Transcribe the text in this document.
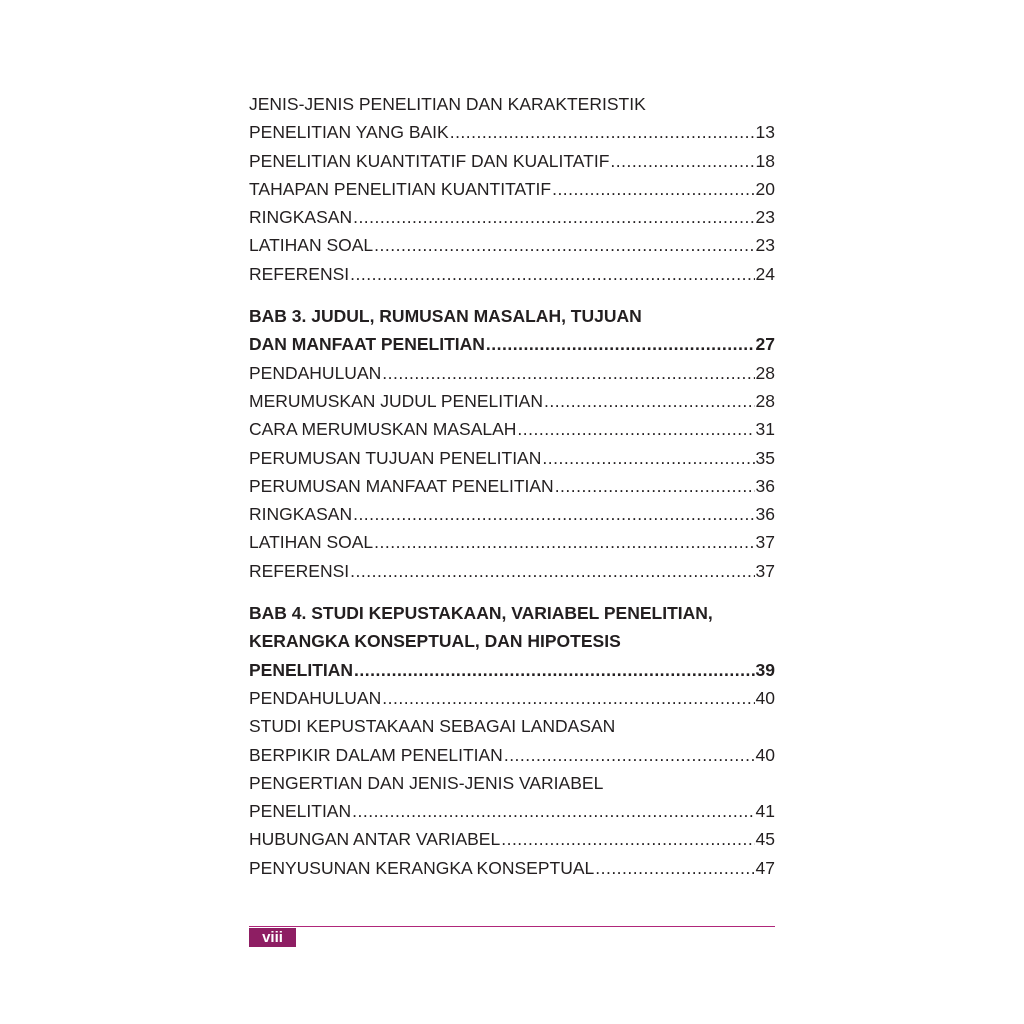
JENIS-JENIS PENELITIAN DAN KARAKTERISTIK
PENELITIAN YANG BAIK .....	13
PENELITIAN KUANTITATIF DAN KUALITATIF .....	18
TAHAPAN PENELITIAN KUANTITATIF .....	20
RINGKASAN .....	23
LATIHAN SOAL .....	23
REFERENSI .....	24
BAB 3. JUDUL, RUMUSAN MASALAH, TUJUAN
DAN MANFAAT PENELITIAN .....	27
PENDAHULUAN .....	28
MERUMUSKAN JUDUL PENELITIAN .....	28
CARA MERUMUSKAN MASALAH .....	31
PERUMUSAN TUJUAN PENELITIAN .....	35
PERUMUSAN MANFAAT PENELITIAN .....	36
RINGKASAN .....	36
LATIHAN SOAL .....	37
REFERENSI .....	37
BAB 4. STUDI KEPUSTAKAAN, VARIABEL PENELITIAN,
KERANGKA KONSEPTUAL, DAN HIPOTESIS
PENELITIAN .....	39
PENDAHULUAN .....	40
STUDI KEPUSTAKAAN SEBAGAI LANDASAN
BERPIKIR DALAM PENELITIAN .....	40
PENGERTIAN DAN JENIS-JENIS VARIABEL
PENELITIAN .....	41
HUBUNGAN ANTAR VARIABEL .....	45
PENYUSUNAN KERANGKA KONSEPTUAL .....	47
viii
